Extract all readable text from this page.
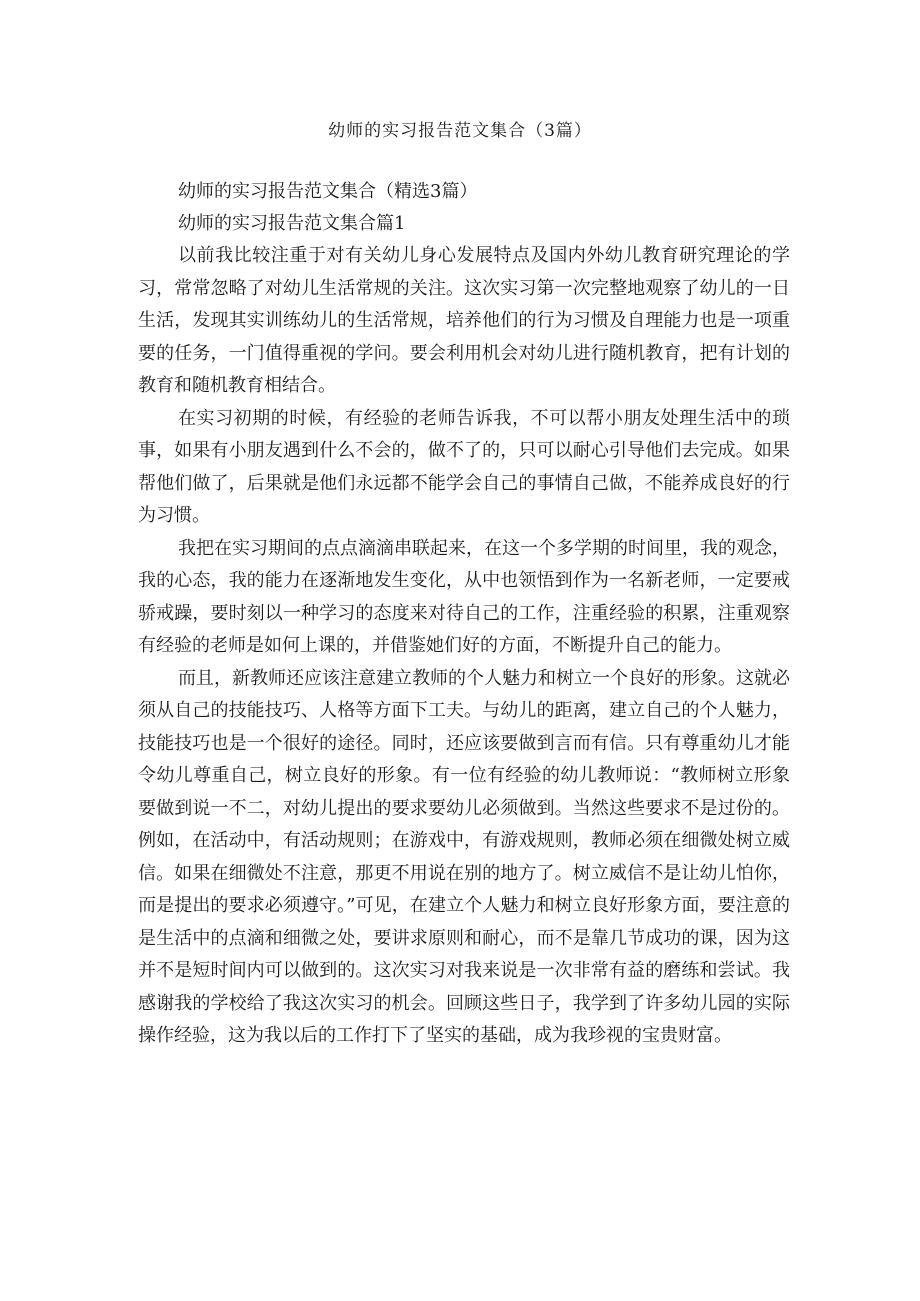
幼师的实习报告范文集合（3篇）
幼师的实习报告范文集合（精选3篇）
幼师的实习报告范文集合篇1

以前我比较注重于对有关幼儿身心发展特点及国内外幼儿教育研究理论的学习，常常忽略了对幼儿生活常规的关注。这次实习第一次完整地观察了幼儿的一日生活，发现其实训练幼儿的生活常规，培养他们的行为习惯及自理能力也是一项重要的任务，一门值得重视的学问。要会利用机会对幼儿进行随机教育，把有计划的教育和随机教育相结合。

在实习初期的时候，有经验的老师告诉我，不可以帮小朋友处理生活中的琐事，如果有小朋友遇到什么不会的，做不了的，只可以耐心引导他们去完成。如果帮他们做了，后果就是他们永远都不能学会自己的事情自己做，不能养成良好的行为习惯。

我把在实习期间的点点滴滴串联起来，在这一个多学期的时间里，我的观念，我的心态，我的能力在逐渐地发生变化，从中也领悟到作为一名新老师，一定要戒骄戒躁，要时刻以一种学习的态度来对待自己的工作，注重经验的积累，注重观察有经验的老师是如何上课的，并借鉴她们好的方面，不断提升自己的能力。

而且，新教师还应该注意建立教师的个人魅力和树立一个良好的形象。这就必须从自己的技能技巧、人格等方面下工夫。与幼儿的距离，建立自己的个人魅力，技能技巧也是一个很好的途径。同时，还应该要做到言而有信。只有尊重幼儿才能令幼儿尊重自己，树立良好的形象。有一位有经验的幼儿教师说：“教师树立形象要做到说一不二，对幼儿提出的要求要幼儿必须做到。当然这些要求不是过份的。例如，在活动中，有活动规则；在游戏中，有游戏规则，教师必须在细微处树立威信。如果在细微处不注意，那更不用说在别的地方了。树立威信不是让幼儿怕你，而是提出的要求必须遵守。”可见，在建立个人魅力和树立良好形象方面，要注意的是生活中的点滴和细微之处，要讲求原则和耐心，而不是靠几节成功的课，因为这并不是短时间内可以做到的。这次实习对我来说是一次非常有益的磨练和尝试。我感谢我的学校给了我这次实习的机会。回顾这些日子，我学到了许多幼儿园的实际操作经验，这为我以后的工作打下了坚实的基础，成为我珍视的宝贵财富。
